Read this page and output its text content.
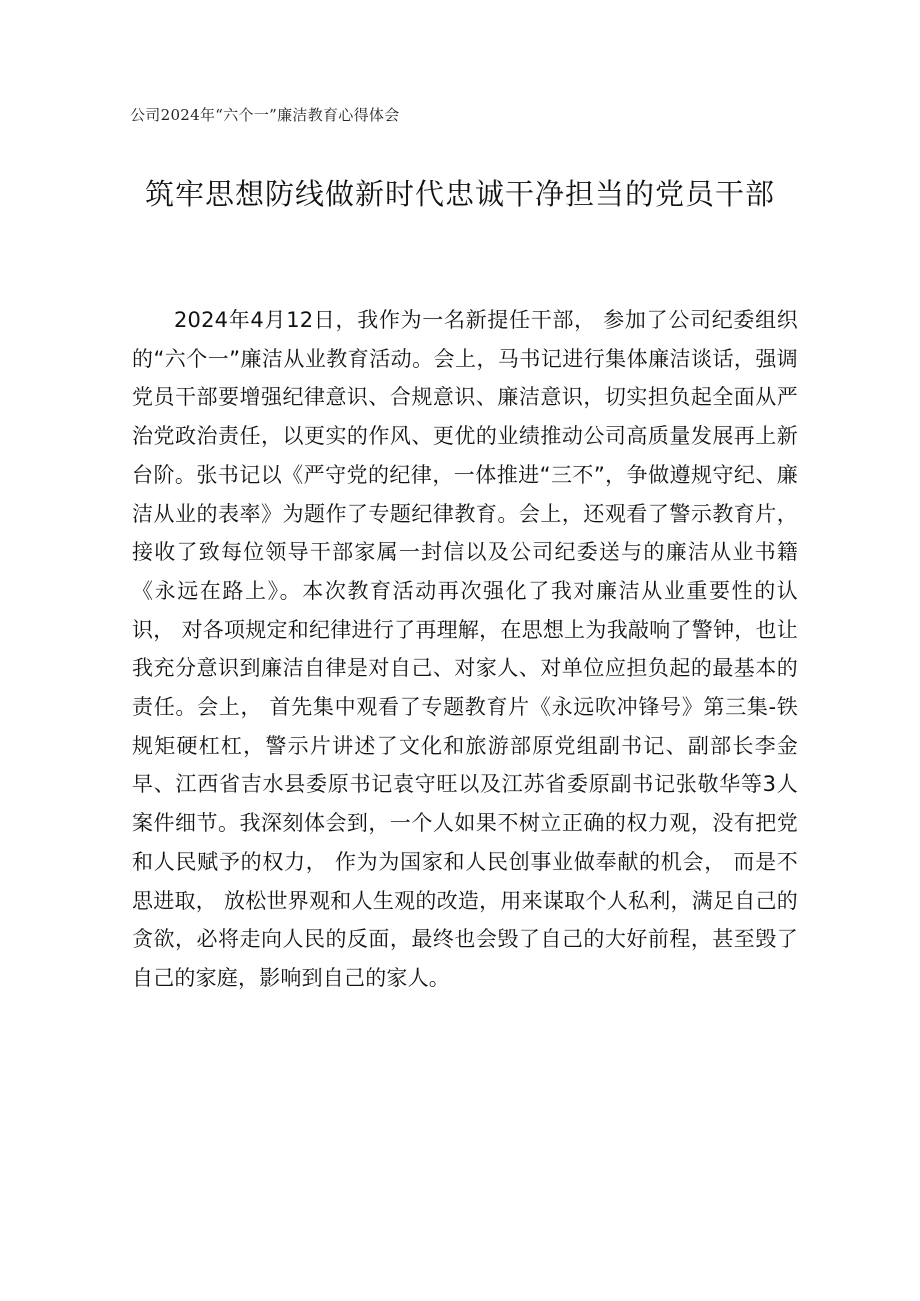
公司2024年“六个一”廉洁教育心得体会
筑牢思想防线做新时代忠诚干净担当的党员干部

2024年4月12日，我作为一名新提任干部， 参加了公司纪委组织的“六个一”廉洁从业教育活动。会上，马书记进行集体廉洁谈话，强调党员干部要增强纪律意识、合规意识、廉洁意识，切实担负起全面从严治党政治责任，以更实的作风、更优的业绩推动公司高质量发展再上新台阶。张书记以《严守党的纪律，一体推进“三不”，争做遵规守纪、廉洁从业的表率》为题作了专题纪律教育。会上，还观看了警示教育片， 接收了致每位领导干部家属一封信以及公司纪委送与的廉洁从业书籍《永远在路上》。本次教育活动再次强化了我对廉洁从业重要性的认识， 对各项规定和纪律进行了再理解，在思想上为我敲响了警钟，也让我充分意识到廉洁自律是对自己、对家人、对单位应担负起的最基本的责任。会上， 首先集中观看了专题教育片《永远吹冲锋号》第三集-铁规矩硬杠杠，警示片讲述了文化和旅游部原党组副书记、副部长李金早、江西省吉水县委原书记袁守旺以及江苏省委原副书记张敬华等3人案件细节。我深刻体会到，一个人如果不树立正确的权力观，没有把党和人民赋予的权力， 作为为国家和人民创事业做奉献的机会， 而是不思进取， 放松世界观和人生观的改造，用来谋取个人私利，满足自己的贪欲，必将走向人民的反面，最终也会毁了自己的大好前程，甚至毁了自己的家庭，影响到自己的家人。
